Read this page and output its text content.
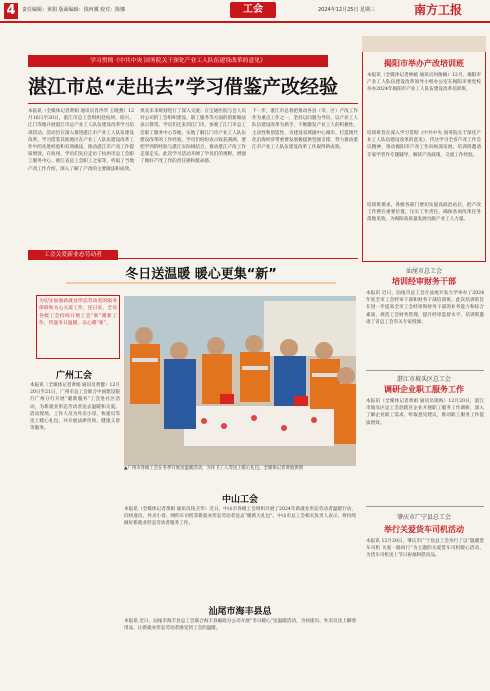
4	责任编辑：黄娟 版面编辑：钱珂骥 校对：陈娜	工会	2024年12月25日 星期三	南方工报
学习贯彻《中共中央 国务院关于深化产业工人队伍建设改革的意见》
湛江市总“走出去”学习借鉴产改经验
本报讯（全媒体记者黄娟 通讯员肖冉华 王晓燕）12月16日至20日，湛江市总工会组织赴杭州、绍兴、江门等地开展湛江市总产业工人队伍建设改革学习培训活动。活动旨在深入推进湛江市产业工人队伍建设改革，学习借鉴其他地区在产业工人队伍建设改革工作中的先进经验和有效做法，推动湛江市产改工作提质增效。在杭州，学员们先后走访了杭州市总工会职工服务中心、浙江省总工会职工之家等，听取了当地产改工作介绍，深入了解了产改的主要做法和成效。
果及未来规划进行了深入交流；在宝通医院与会人员对公司的工会组织建设、职工服务等方面的创新做法表示赞赏。学员们还来到江门市，参观了江门市总工会职工服务中心等地，实地了解江门市产业工人队伍建设改革的工作经验。学员们纷纷表示收获满满，要把学到的经验与湛江实际相结合，推动湛江产改工作走深走实。此次学习活动开阔了学员们的视野，增强了做好产改工作的责任感和使命感。
下一步，湛江市总将把推动各县（市、区）产改工作作为重点工作之一，坚持以问题为导向，以产业工人队伍建设改革为抓手，不断激发产业工人的积极性、主动性和创造性，为建设省域副中心城市、打造现代化沿海经济带重要发展极提供坚强支撑，努力推动湛江市产业工人队伍建设改革工作取得新成效。
揭阳市举办产改培训班
本报讯（全媒体记者林媛 通讯员何俊楠）12月，揭阳市产业工人队伍建设改革领导小组办公室在揭阳市委党校举办2024年揭阳市产业工人队伍建设改革培训班。
培训班旨在深入学习贯彻《中共中央 国务院关于深化产业工人队伍建设改革的意见》，传达学习全省产改工作会议精神，推动揭阳市产改工作向纵深发展。培训班邀请专家学者作专题辅导，解读产改政策，交流工作经验。
培训班要求，各级各部门要切实提高政治站位，把产改工作摆在重要位置，压实工作责任，确保各项改革任务落地见效，为揭阳高质量发展贡献产业工人力量。
汕尾市总工会
培训经审财务干部
本报讯 近日，汕尾市总工会在汕尾开发大学举办了2024年度全市工会经审干部和财务干部培训班。此次培训班旨在进一步提高全市工会经审和财务干部的业务能力和综合素质，规范工会财务管理，提升经审监督水平。培训班邀请了省总工会有关专家授课。
湛江市坡头区总工会
调研企业职工服务工作
本报讯（全媒体记者黄娟 通讯员梁海）12月20日，湛江市坡头区总工会赴辖区企业开展职工服务工作调研，深入了解企业职工需求，听取意见建议，推动职工服务工作提质增效。
肇庆市广宁县总工会
举行关爱货车司机活动
本报讯 12月20日，肇庆市广宁县总工会举行了以“温暖货车司机 关爱一路同行”为主题的关爱货车司机暖心活动，为货车司机送上节日祝福和慰问品。
工会关爱新业态劳动者
冬日送温暖 暖心更集“新”
为切实加强新就业形态劳动者的服务保障和关心关爱工作，连日来，全省各级工会持续开展工会“新”暖新工作，传递冬日温暖，以心暖“新”。
广州工会
本报讯（全媒体记者黄娟 通讯员黄健）12月20日至21日，广州市总工会联合中国建设银行广州分行开展“暖新服务”工会进社区活动，为新就业形态劳动者送去温暖和关爱。活动现场，工作人员为外卖小哥、快递员等送上暖心礼包，并开展法律咨询、健康义诊等服务。
▲广州市各级工会在冬季开展送温暖活动，为环卫工人等送上暖心礼包。全媒体记者黄娟供图
中山工会
本报讯（全媒体记者黄娟 通讯员钱卫华）近日，中山市各级工会组织开展了2024年新就业形态劳动者温暖行动，向快递员、外卖小哥、网约车司机等新就业形态劳动者送去“暖新大礼包”。中山市总工会相关负责人表示，将持续做好新就业形态劳动者服务工作。
汕尾市海丰县总
本报讯 近日，汕尾市海丰县总工会联合海丰县邮政分公司开展“冬日暖心”送温暖活动，为快递员、外卖员送上御寒用品，让新就业形态劳动者感受到工会的温暖。
